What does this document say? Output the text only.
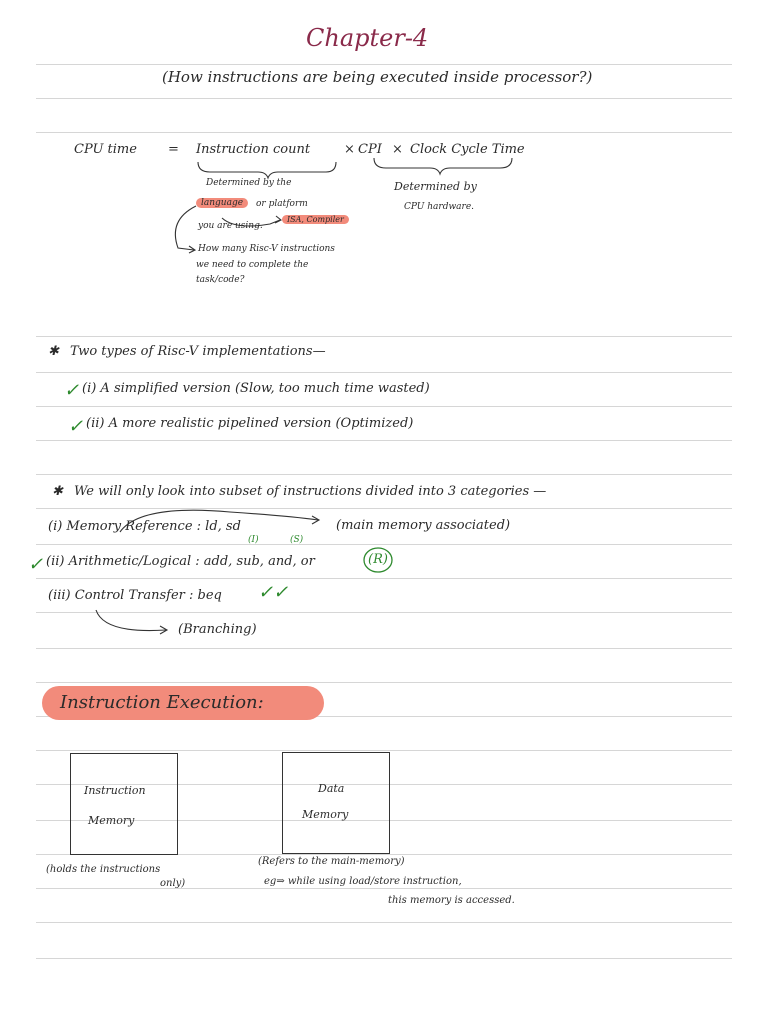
Chapter-4
(How instructions are being executed inside processor?)
CPU time = Instruction count	× CPI × Clock Cycle Time
Determined by the
language	or platform
you are using.
ISA, Compiler
Determined by
CPU hardware.
How many Risc-V instructions
we need to complete the
task/code?
✱ Two types of Risc-V implementations—
✓ (i) A simplified version (Slow, too much time wasted)
✓ (ii) A more realistic pipelined version (Optimized)
✱ We will only look into subset of instructions divided into 3 categories —
(i) Memory Reference : ld, sd	(main memory associated)
(I)	(S)
✓ (ii) Arithmetic/Logical : add, sub, and, or	(R)
(iii) Control Transfer : beq ✓✓
(Branching)
Instruction Execution:
Instruction
Memory
Data
Memory
(holds the instructions
only)
(Refers to the main-memory)
eg⇒ while using load/store instruction,
this memory is accessed.
